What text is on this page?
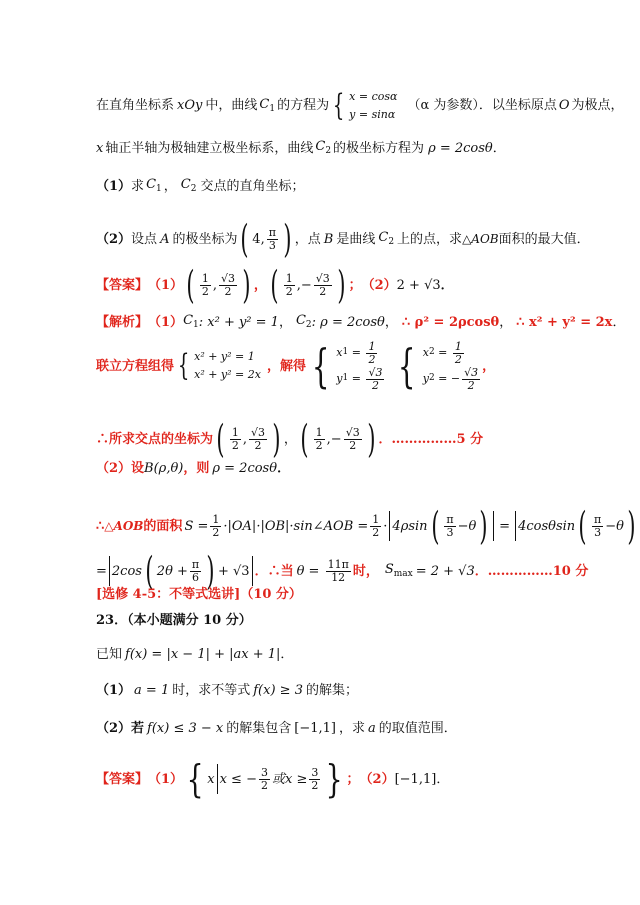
在直角坐标系 xOy 中，曲线 $C_1$ 的方程为 { x = cosα
y = sinα
（α 为参数）．以坐标原点 O 为极点，
x 轴正半轴为极轴建立极坐标系，曲线 $C_2$ 的极坐标方程为 ρ = 2cosθ ．
（1） 求 $C_1$ ， $C_2$ 交点的直角坐标；
（2） 设点 A 的极坐标为 ( 4, $\frac{\pi}{3}$ ) ，点 B 是曲线 $C_2$ 上的点，求 △AOB 面积的最大值．
【答案】 （1） ( $\frac{1}{2}$ , $\frac{√3}{2}$ ) ， ( $\frac{1}{2}$ ,− $\frac{√3}{2}$ ) ； （2） 2 + √3 ．
【解析】 （1） $C_1$ : x² + y² = 1 ， $C_2$ : ρ = 2cosθ ， ∴ ρ² = 2ρcosθ ， ∴ x² + y² = 2x ．
联立方程组得 { x² + y² = 1
x² + y² = 2x
，解得 { x $1 = \frac{1}{2}$
y $1 = \frac{√3}{2}$ { x $2 = \frac{1}{2}$
y 2 = − $\frac{√3}{2}$
，
∴所求交点的坐标为 ( $\frac{1}{2}$ , $\frac{√3}{2}$ ) ， ( $\frac{1}{2}$ ,− $\frac{√3}{2}$ ) ．……………5 分
（2）设 B(ρ,θ) ，则 ρ = 2cosθ ．
∴ △AOB 的面积 $S = \frac{1}{2}$ ·|OA|·|OB|·sin∠AOB = $\frac{1}{2} \cdot 4\rho\sin$ ( $\frac{\pi}{3} -\theta$ ) = 4cosθsin ( $\frac{\pi}{3} -\theta$ )
= 2cos ( $2\theta + \frac{\pi}{6}$ ) + √3 ．∴当 $\theta = \frac{11\pi}{12}$ 时， $S_{max} = 2 + √3$ ．……………10 分
[选修 4-5：不等式选讲]（10 分）
23．（本小题满分 10 分）
已知 f(x) = |x − 1| + |ax + 1| ．
（1） a = 1 时，求不等式 f(x) ≥ 3 的解集；
（2）若 f(x) ≤ 3 − x 的解集包含 [−1,1] ，求 a 的取值范围．
【答案】 （1） { x x ≤ − $\frac{3}{2}$ 或$x \ge \frac{3}{2}$ } ； （2） [−1,1] ．
